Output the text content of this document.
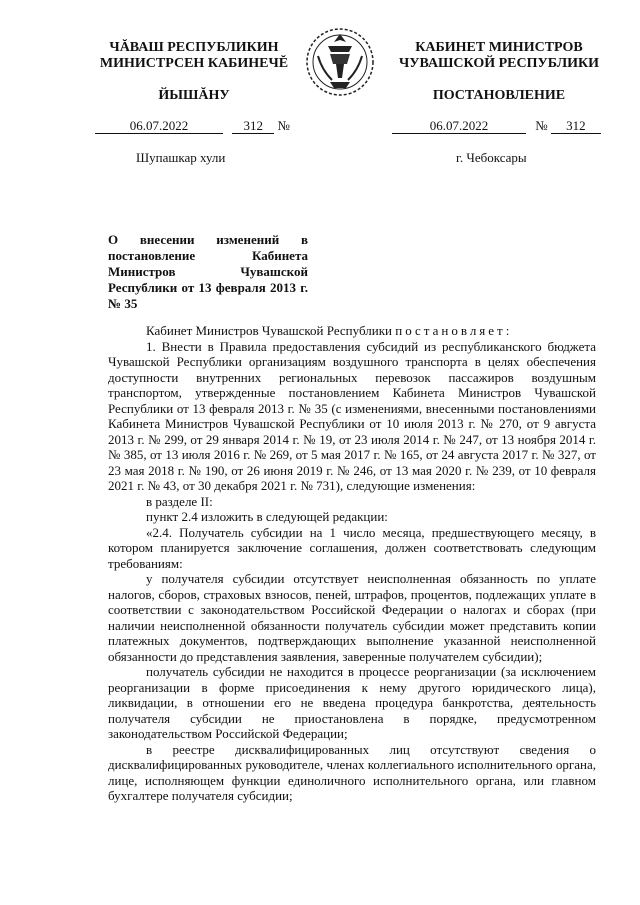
ЧĂВАШ РЕСПУБЛИКИН
МИНИСТРСЕН КАБИНЕЧĔ
ЙЫШĂНУ
КАБИНЕТ МИНИСТРОВ
ЧУВАШСКОЙ РЕСПУБЛИКИ
ПОСТАНОВЛЕНИЕ
06.07.2022	312 №	06.07.2022	№ 312
Шупашкар хули	г. Чебоксары
О внесении изменений в постановление Кабинета Министров Чувашской Республики от 13 февраля 2013 г. № 35

Кабинет Министров Чувашской Республики постановляет:

1. Внести в Правила предоставления субсидий из республиканского бюджета Чувашской Республики организациям воздушного транспорта в целях обеспечения доступности внутренних региональных перевозок пассажиров воздушным транспортом, утвержденные постановлением Кабинета Министров Чувашской Республики от 13 февраля 2013 г. № 35 (с изменениями, внесенными постановлениями Кабинета Министров Чувашской Республики от 10 июля 2013 г. № 270, от 9 августа 2013 г. № 299, от 29 января 2014 г. № 19, от 23 июля 2014 г. № 247, от 13 ноября 2014 г. № 385, от 13 июля 2016 г. № 269, от 5 мая 2017 г. № 165, от 24 августа 2017 г. № 327, от 23 мая 2018 г. № 190, от 26 июня 2019 г. № 246, от 13 мая 2020 г. № 239, от 10 февраля 2021 г. № 43, от 30 декабря 2021 г. № 731), следующие изменения:

в разделе II:

пункт 2.4 изложить в следующей редакции:

«2.4. Получатель субсидии на 1 число месяца, предшествующего месяцу, в котором планируется заключение соглашения, должен соответствовать следующим требованиям:

у получателя субсидии отсутствует неисполненная обязанность по уплате налогов, сборов, страховых взносов, пеней, штрафов, процентов, подлежащих уплате в соответствии с законодательством Российской Федерации о налогах и сборах (при наличии неисполненной обязанности получатель субсидии может представить копии платежных документов, подтверждающих выполнение указанной неисполненной обязанности до представления заявления, заверенные получателем субсидии);

получатель субсидии не находится в процессе реорганизации (за исключением реорганизации в форме присоединения к нему другого юридического лица), ликвидации, в отношении его не введена процедура банкротства, деятельность получателя субсидии не приостановлена в порядке, предусмотренном законодательством Российской Федерации;

в реестре дисквалифицированных лиц отсутствуют сведения о дисквалифицированных руководителе, членах коллегиального исполнительного органа, лице, исполняющем функции единоличного исполнительного органа, или главном бухгалтере получателя субсидии;
